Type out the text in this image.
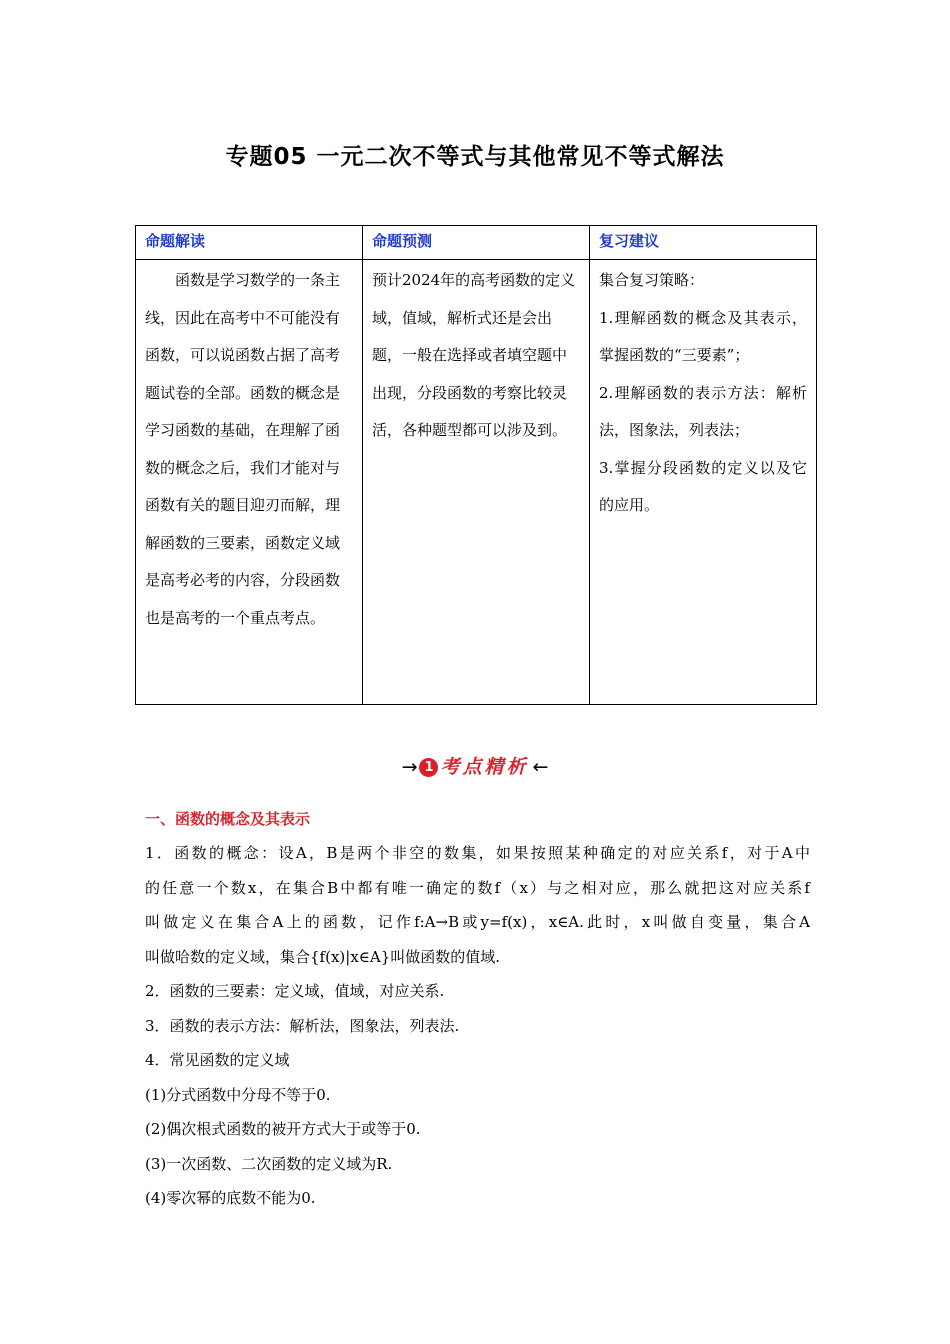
专题05 一元二次不等式与其他常见不等式解法
命题解读	命题预测	复习建议
函数是学习数学的一条主线，因此在高考中不可能没有函数，可以说函数占据了高考题试卷的全部。函数的概念是学习函数的基础，在理解了函数的概念之后，我们才能对与函数有关的题目迎刃而解，理解函数的三要素，函数定义域是高考必考的内容，分段函数也是高考的一个重点考点。	预计2024年的高考函数的定义域，值域，解析式还是会出题，一般在选择或者填空题中出现，分段函数的考察比较灵活，各种题型都可以涉及到。	集合复习策略：

1.理解函数的概念及其表示，掌握函数的“三要素”；

2.理解函数的表示方法：解析法，图象法，列表法；

3.掌握分段函数的定义以及它的应用。

→ 1 考点精析 ←
一、函数的概念及其表示
1．函数的概念：设A，B是两个非空的数集，如果按照某种确定的对应关系f，对于A中
的任意一个数x，在集合B中都有唯一确定的数f（x）与之相对应，那么就把这对应关系f
叫做定义在集合A上的函数，记作f:A→B或y=f(x)，x∈A.此时，x叫做自变量，集合A
叫做哈数的定义域，集合{f(x)|x∈A}叫做函数的值域.
2．函数的三要素：定义域，值域，对应关系.
3．函数的表示方法：解析法，图象法，列表法.
4．常见函数的定义域
(1)分式函数中分母不等于0.
(2)偶次根式函数的被开方式大于或等于0.
(3)一次函数、二次函数的定义域为R.
(4)零次幂的底数不能为0.
